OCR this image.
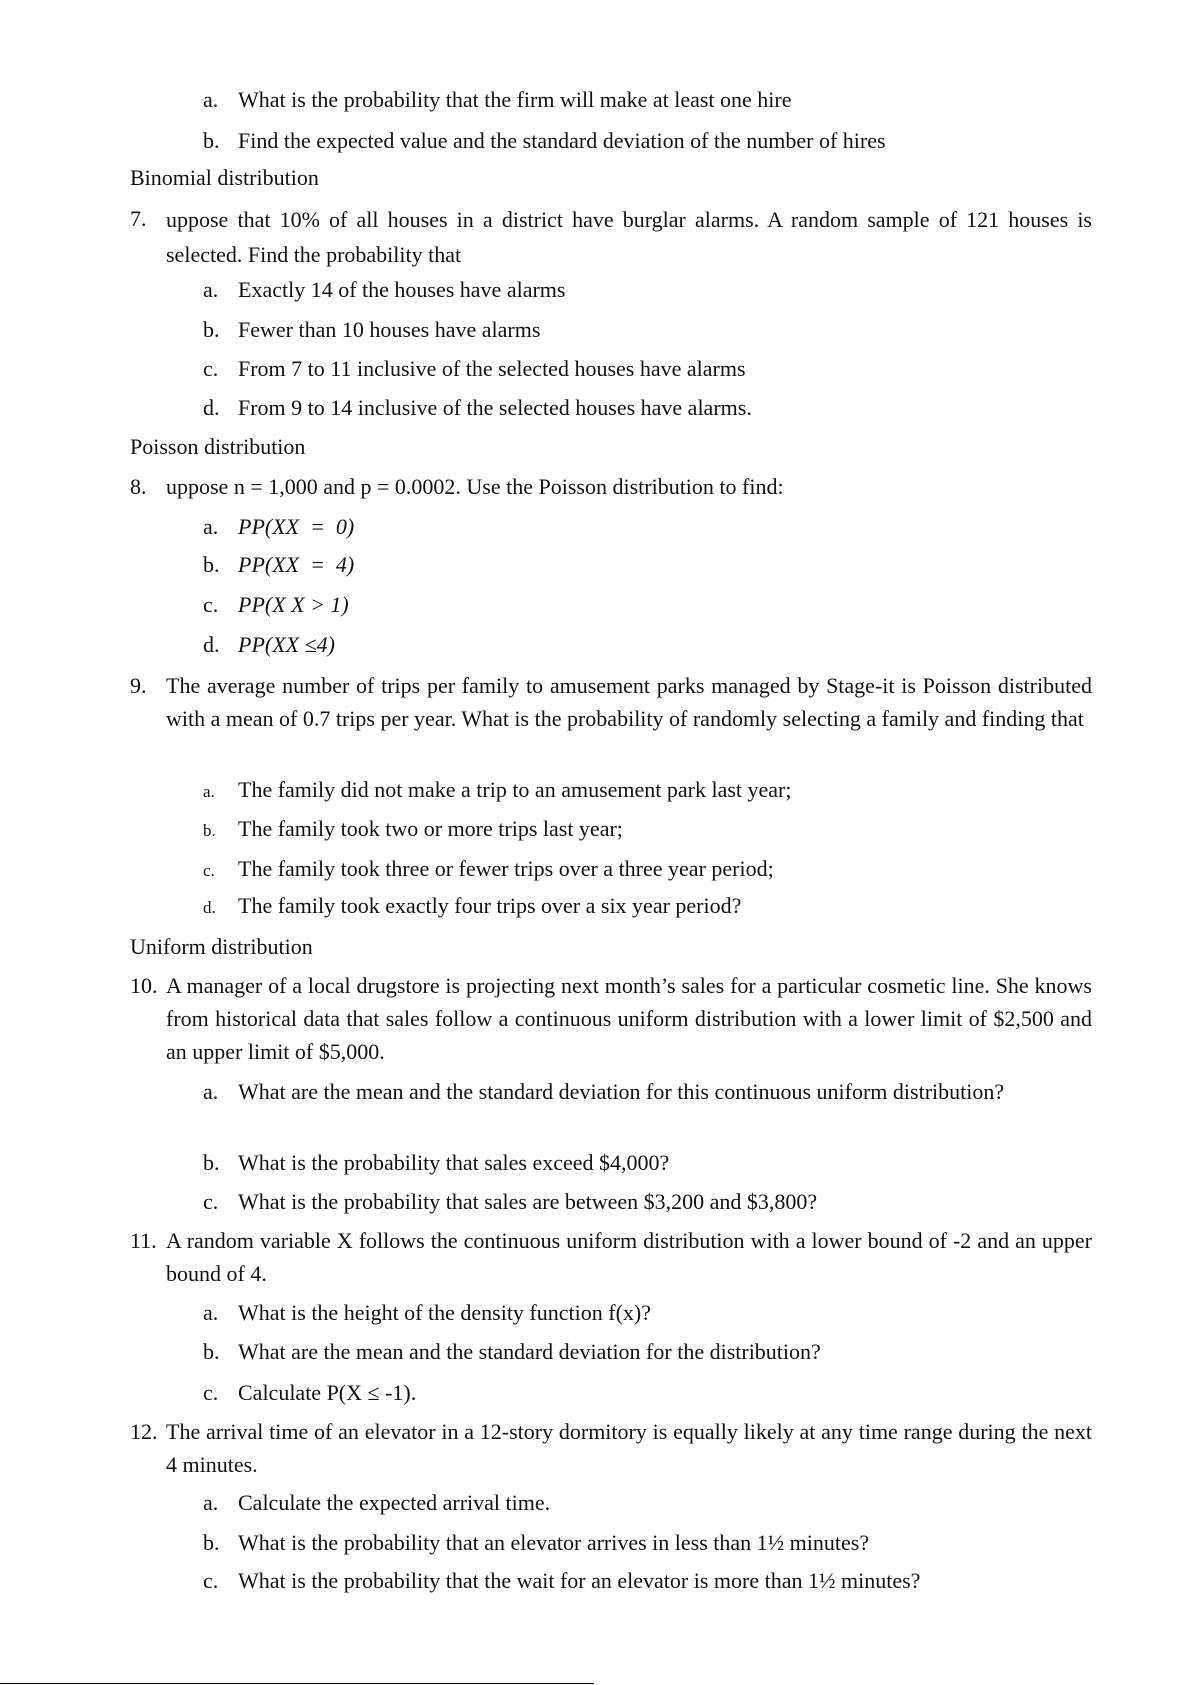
a. What is the probability that the firm will make at least one hire
b. Find the expected value and the standard deviation of the number of hires
Binomial distribution
7. uppose that 10% of all houses in a district have burglar alarms. A random sample of 121 houses is selected. Find the probability that
a. Exactly 14 of the houses have alarms
b. Fewer than 10 houses have alarms
c. From 7 to 11 inclusive of the selected houses have alarms
d. From 9 to 14 inclusive of the selected houses have alarms.
Poisson distribution
8. uppose n = 1,000 and p = 0.0002. Use the Poisson distribution to find:
a. PP(XX  =  0)
b. PP(XX  =  4)
c. PP(X X > 1)
d. PP(XX ≤4)
9. The average number of trips per family to amusement parks managed by Stage-it is Poisson distributed with a mean of 0.7 trips per year. What is the probability of randomly selecting a family and finding that
a. The family did not make a trip to an amusement park last year;
b. The family took two or more trips last year;
c. The family took three or fewer trips over a three year period;
d. The family took exactly four trips over a six year period?
Uniform distribution
10. A manager of a local drugstore is projecting next month’s sales for a particular cosmetic line. She knows from historical data that sales follow a continuous uniform distribution with a lower limit of $2,500 and an upper limit of $5,000.
a. What are the mean and the standard deviation for this continuous uniform distribution?
b. What is the probability that sales exceed $4,000?
c. What is the probability that sales are between $3,200 and $3,800?
11. A random variable X follows the continuous uniform distribution with a lower bound of -2 and an upper bound of 4.
a. What is the height of the density function f(x)?
b. What are the mean and the standard deviation for the distribution?
c. Calculate P(X ≤ -1).
12. The arrival time of an elevator in a 12-story dormitory is equally likely at any time range during the next 4 minutes.
a. Calculate the expected arrival time.
b. What is the probability that an elevator arrives in less than 1½ minutes?
c. What is the probability that the wait for an elevator is more than 1½ minutes?
